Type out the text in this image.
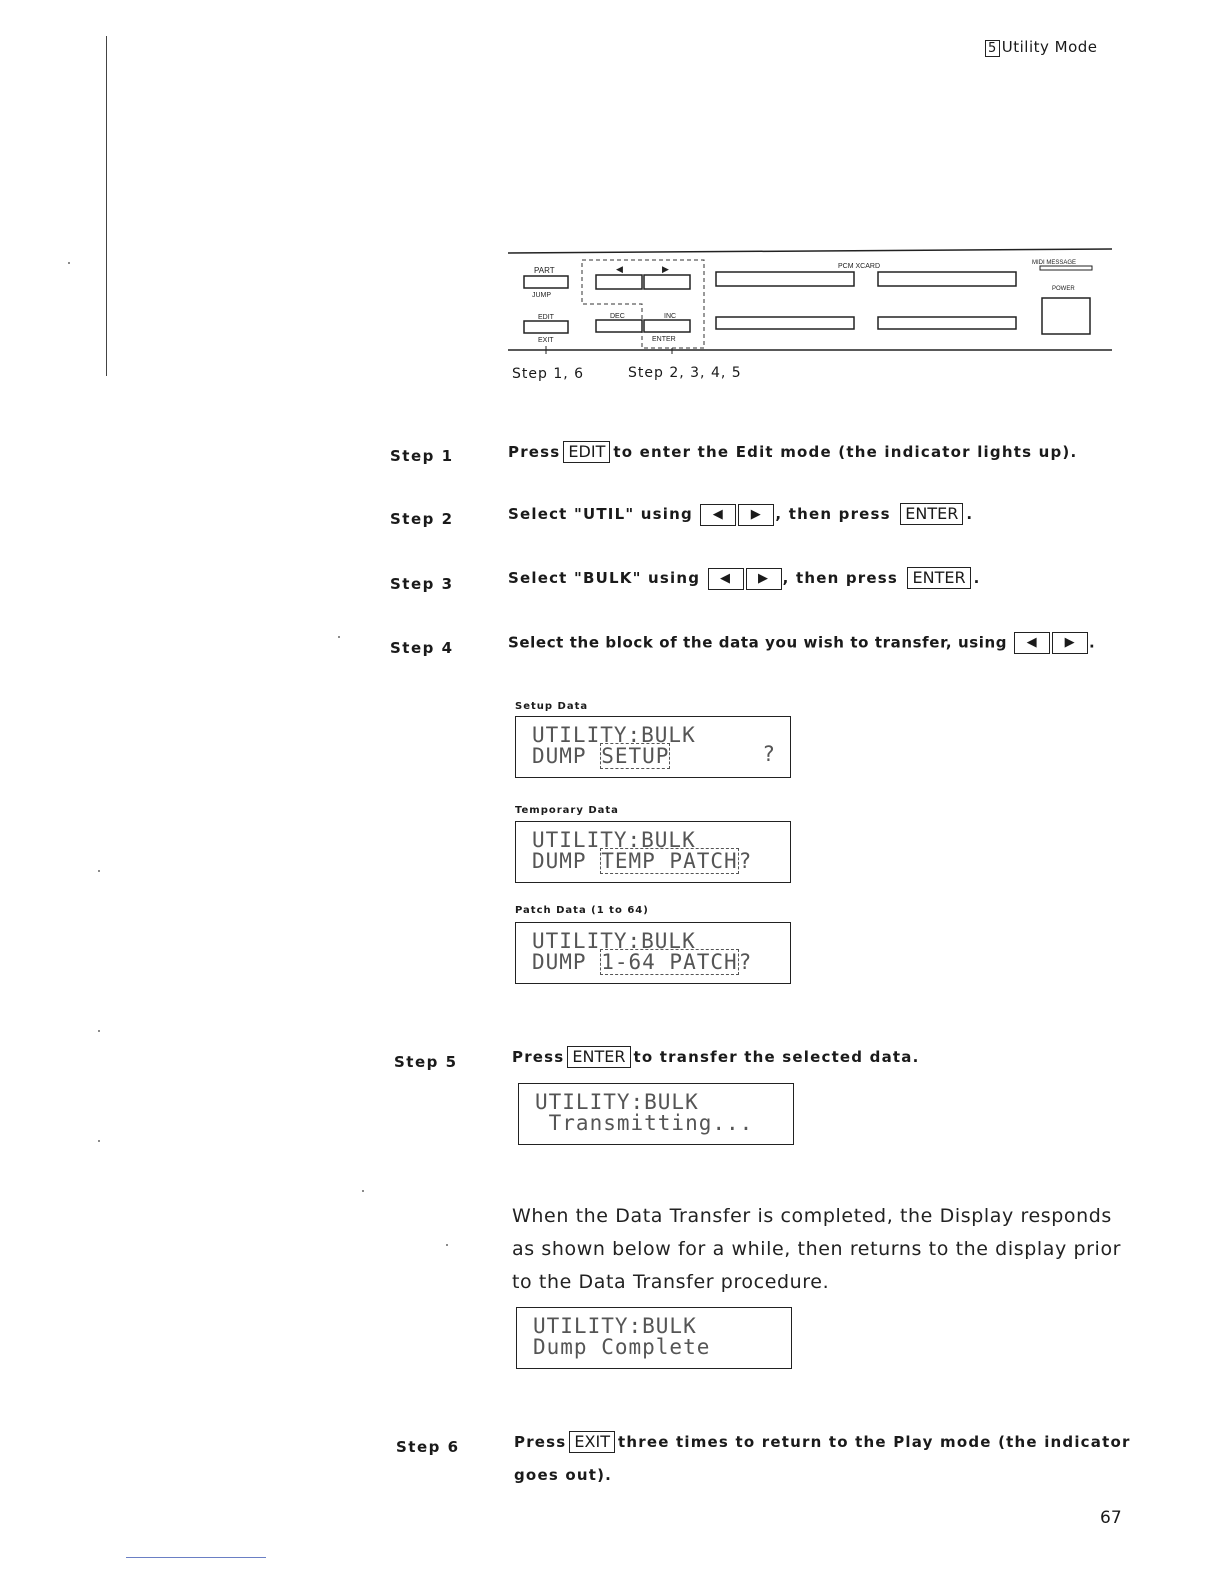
5 Utility Mode
PART
JUMP
EDIT
EXIT
◀	▶
DEC	INC
ENTER
PCM XCARD	MIDI MESSAGE
POWER
Step 1, 6	Step 2, 3, 4, 5
Step 1	Press EDIT to enter the Edit mode (the indicator lights up).
Step 2	Select "UTIL" using ◀ ▶ , then press ENTER .
Step 3	Select "BULK" using ◀ ▶ , then press ENTER .
Step 4	Select the block of the data you wish to transfer, using ◀ ▶ .
Setup Data
UTILITY:BULK
DUMP SETUP	?
Temporary Data
UTILITY:BULK
DUMP TEMP PATCH?
Patch Data (1 to 64)
UTILITY:BULK
DUMP 1-64 PATCH?
Step 5	Press ENTER to transfer the selected data.
UTILITY:BULK
Transmitting...
When the Data Transfer is completed, the Display responds as shown below for a while, then returns to the display prior to the Data Transfer procedure.
UTILITY:BULK
Dump Complete
Step 6	Press EXIT three times to return to the Play mode (the indicator
goes out).
67
